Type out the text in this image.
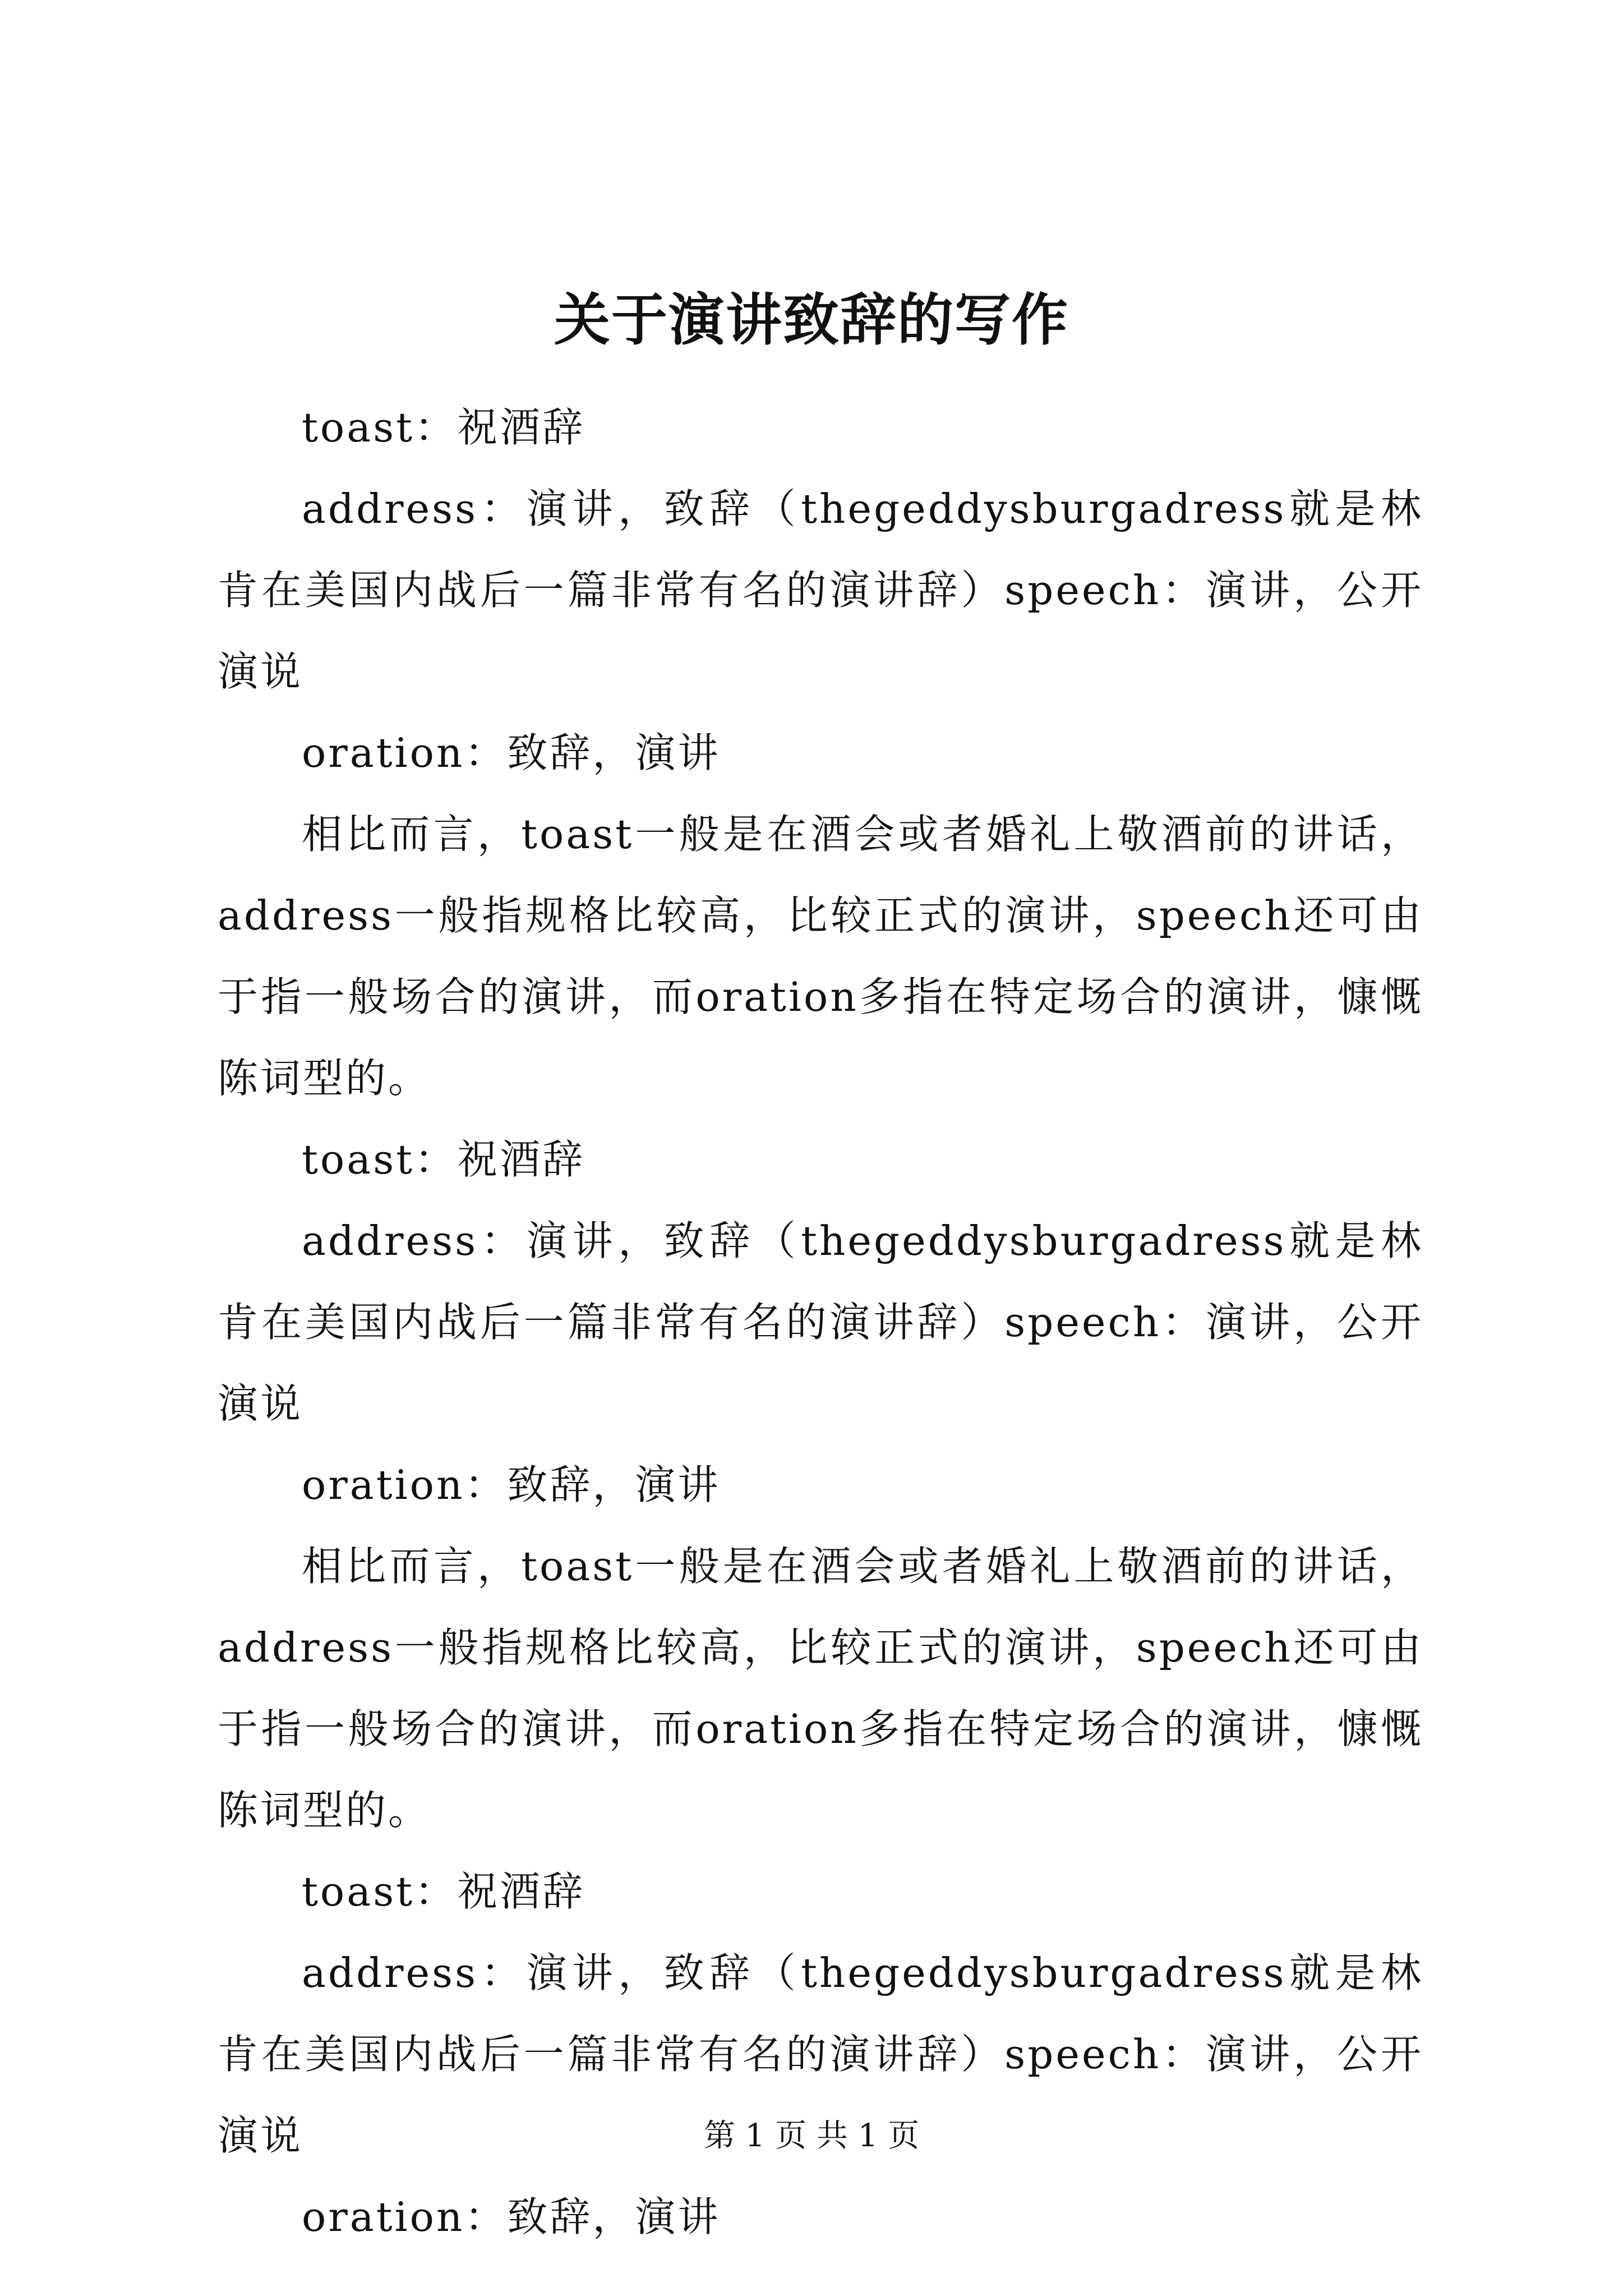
关于演讲致辞的写作

toast：祝酒辞

address：演讲，致辞（thegeddysburgadress就是林肯在美国内战后一篇非常有名的演讲辞）speech：演讲，公开演说

oration：致辞，演讲

相比而言，toast一般是在酒会或者婚礼上敬酒前的讲话，address一般指规格比较高，比较正式的演讲，speech还可由于指一般场合的演讲，而oration多指在特定场合的演讲，慷慨陈词型的。

toast：祝酒辞

address：演讲，致辞（thegeddysburgadress就是林肯在美国内战后一篇非常有名的演讲辞）speech：演讲，公开演说

oration：致辞，演讲

相比而言，toast一般是在酒会或者婚礼上敬酒前的讲话，address一般指规格比较高，比较正式的演讲，speech还可由于指一般场合的演讲，而oration多指在特定场合的演讲，慷慨陈词型的。

toast：祝酒辞

address：演讲，致辞（thegeddysburgadress就是林肯在美国内战后一篇非常有名的演讲辞）speech：演讲，公开演说

oration：致辞，演讲

第 1 页 共 1 页
